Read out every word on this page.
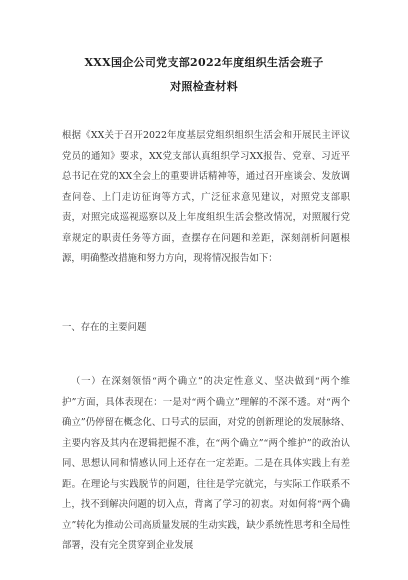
XXX国企公司党支部2022年度组织生活会班子
对照检查材料

根据《XX关于召开2022年度基层党组织组织生活会和开展民主评议党员的通知》要求，XX党支部认真组织学习XX报告、党章、习近平总书记在党的XX全会上的重要讲话精神等，通过召开座谈会、发放调查问卷、上门走访征询等方式，广泛征求意见建议，对照党支部职责，对照完成巡视巡察以及上年度组织生活会整改情况，对照履行党章规定的职责任务等方面，查摆存在问题和差距，深刻剖析问题根源，明确整改措施和努力方向，现将情况报告如下：

一、存在的主要问题

（一）在深刻领悟“两个确立”的决定性意义、坚决做到“两个维护”方面，具体表现在：一是对“两个确立”理解的不深不透。对“两个确立”仍停留在概念化、口号式的层面，对党的创新理论的发展脉络、主要内容及其内在逻辑把握不准，在“两个确立”“两个维护”的政治认同、思想认同和情感认同上还存在一定差距。二是在具体实践上有差距。在理论与实践脱节的问题，往往是学完就完，与实际工作联系不上，找不到解决问题的切入点，背离了学习的初衷。对如何将“两个确立”转化为推动公司高质量发展的生动实践，缺少系统性思考和全局性部署，没有完全贯穿到企业发展
